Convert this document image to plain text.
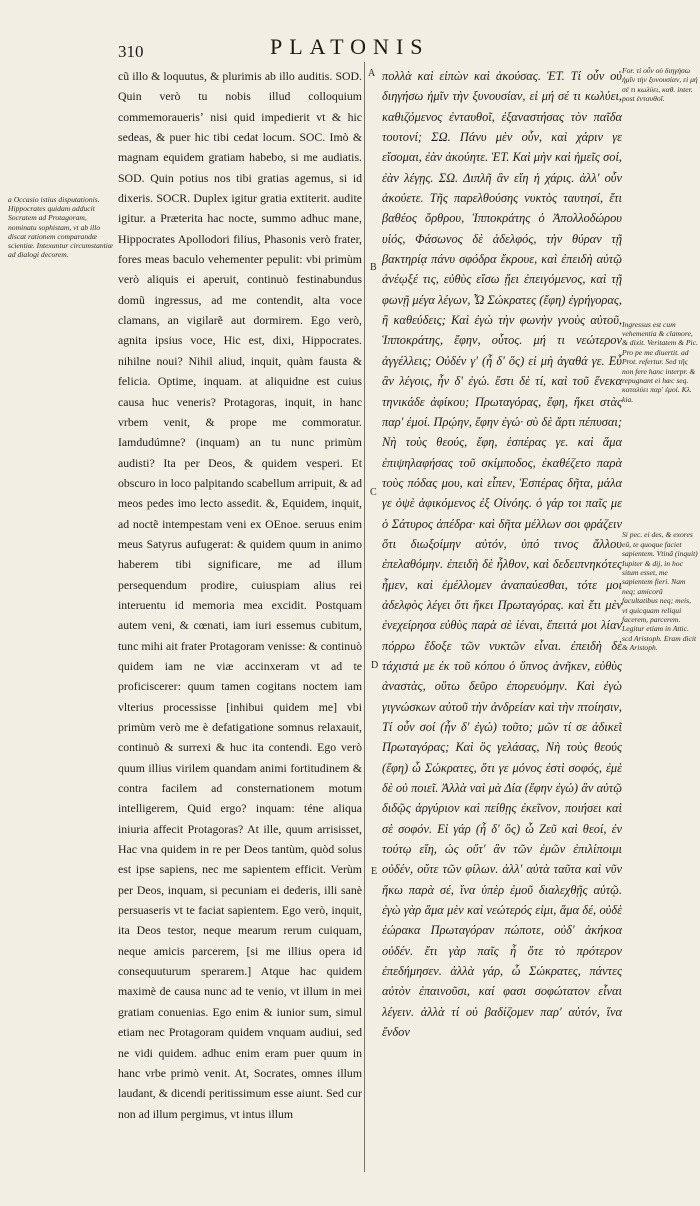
310	PLATONIS

a Occasio istius disputationis. Hippocrates quidam adducit Socratem ad Protagoram, nominatu sophistam, vt ab illo discat rationem comparandæ scientiæ. Intexuntur circumstantiæ ad dialogi decorem.

cũ illo & loquutus, & plurimis ab illo auditis. SOD. Quin verò tu nobis illud colloquium commemorauerisʼ nisi quid impedierit vt & hic sedeas, & puer hic tibi cedat locum. SOC. Imò & magnam equidem gratiam habebo, si me audiatis. SOD. Quin potius nos tibi gratias agemus, si id dixeris. SOCR. Duplex igitur gratia extiterit. audite igitur. a Præterita hac nocte, summo adhuc mane, Hippocrates Apollodori filius, Phasonis verò frater, fores meas baculo vehementer pepulit: vbi primùm verò aliquis ei aperuit, continuò festinabundus domũ ingressus, ad me contendit, alta voce clamans, an vigilarẽ aut dormirem. Ego verò, agnita ipsius voce, Hic est, dixi, Hippocrates. nihilne noui? Nihil aliud, inquit, quàm fausta & felicia. Optime, inquam. at aliquidne est cuius causa huc veneris? Protagoras, inquit, in hanc vrbem venit, & prope me commoratur. Iamdudúmne? (inquam) an tu nunc primùm audisti? Ita per Deos, & quidem vesperi. Et obscuro in loco palpitando scabellum arripuit, & ad meos pedes imo lecto assedit. &, Equidem, inquit, ad noctẽ intempestam veni ex OEnoe. seruus enim meus Satyrus aufugerat: & quidem quum in animo haberem tibi significare, me ad illum persequendum prodire, cuiuspiam alius rei interuentu id memoria mea excidit. Postquam autem veni, & cœnati, iam iuri essemus cubitum, tunc mihi ait frater Protagoram venisse: & continuò quidem iam ne viæ accinxeram vt ad te proficiscerer: quum tamen cogitans noctem iam vlterius processisse [inhibui quidem me] vbi primùm verò me è defatigatione somnus relaxauit, continuò & surrexi & huc ita contendi. Ego verò quum illius virilem quandam animi fortitudinem & contra facilem ad consternationem motum intelligerem, Quid ergo? inquam: téne aliqua iniuria affecit Protagoras? At ille, quum arrisisset, Hac vna quidem in re per Deos tantùm, quòd solus est ipse sapiens, nec me sapientem efficit. Verùm per Deos, inquam, si pecuniam ei dederis, illi sanè persuaseris vt te faciat sapientem. Ego verò, inquit, ita Deos testor, neque mearum rerum cuiquam, neque amicis parcerem, [si me illius opera id consequuturum sperarem.] Atque hac quidem maximè de causa nunc ad te venio, vt illum in mei gratiam conuenias. Ego enim & iunior sum, simul etiam nec Protagoram quidem vnquam audiui, sed ne vidi quidem. adhuc enim eram puer quum in hanc vrbe primò venit. At, Socrates, omnes illum laudant, & dicendi peritissimum esse aiunt. Sed cur non ad illum pergimus, vt intus illum

A
B
C
D
E

πολλὰ καὶ εἰπὼν καὶ ἀκούσας. ἙΤ. Τί οὖν οὐ διηγήσω ἡμῖν τὴν ξυνουσίαν, εἰ μή σέ τι κωλύει, καθιζόμενος ἐνταυθοῖ, ἐξαναστήσας τὸν παῖδα τουτονί; ΣΩ. Πάνυ μὲν οὖν, καὶ χάριν γε εἴσομαι, ἐὰν ἀκούητε. ἙΤ. Καὶ μὴν καὶ ἡμεῖς σοί, ἐὰν λέγῃς. ΣΩ. Διπλῆ ἂν εἴη ἡ χάρις. ἀλλ' οὖν ἀκούετε. Τῆς παρελθούσης νυκτὸς ταυτησί, ἔτι βαθέος ὄρθρου, Ἱπποκράτης ὁ Ἀπολλοδώρου υἱός, Φάσωνος δὲ ἀδελφός, τὴν θύραν τῇ βακτηρίᾳ πάνυ σφόδρα ἔκρουε, καὶ ἐπειδὴ αὐτῷ ἀνέῳξέ τις, εὐθὺς εἴσω ᾔει ἐπειγόμενος, καὶ τῇ φωνῇ μέγα λέγων, Ὦ Σώκρατες (ἔφη) ἐγρήγορας, ἢ καθεύδεις; Καὶ ἐγὼ τὴν φωνὴν γνοὺς αὐτοῦ, Ἱπποκράτης, ἔφην, οὗτος. μή τι νεώτερον ἀγγέλλεις; Οὐδέν γ' (ἦ δ' ὅς) εἰ μὴ ἀγαθά γε. Εὖ ἂν λέγοις, ἦν δ' ἐγώ. ἔστι δὲ τί, καὶ τοῦ ἕνεκα τηνικάδε ἀφίκου; Πρωταγόρας, ἔφη, ἥκει στὰς παρ' ἐμοί. Πρῴην, ἔφην ἐγώ· σὺ δὲ ἄρτι πέπυσαι; Νὴ τοὺς θεούς, ἔφη, ἑσπέρας γε. καὶ ἅμα ἐπιψηλαφήσας τοῦ σκίμποδος, ἐκαθέζετο παρὰ τοὺς πόδας μου, καὶ εἶπεν, Ἑσπέρας δῆτα, μάλα γε ὀψὲ ἀφικόμενος ἐξ Οἰνόης. ὁ γάρ τοι παῖς με ὁ Σάτυρος ἀπέδρα· καὶ δῆτα μέλλων σοι φράζειν ὅτι διωξοίμην αὐτόν, ὑπό τινος ἄλλου ἐπελαθόμην. ἐπειδὴ δὲ ἦλθον, καὶ δεδειπνηκότες ἦμεν, καὶ ἐμέλλομεν ἀναπαύεσθαι, τότε μοι ἀδελφὸς λέγει ὅτι ἥκει Πρωταγόρας. καὶ ἔτι μὲν ἐνεχείρησα εὐθὺς παρὰ σὲ ἰέναι, ἔπειτά μοι λίαν πόρρω ἔδοξε τῶν νυκτῶν εἶναι. ἐπειδὴ δὲ τάχιστά με ἐκ τοῦ κόπου ὁ ὕπνος ἀνῆκεν, εὐθὺς ἀναστὰς, οὕτω δεῦρο ἐπορευόμην. Καὶ ἐγὼ γιγνώσκων αὐτοῦ τὴν ἀνδρείαν καὶ τὴν πτοίησιν, Τί οὖν σοί (ἦν δ' ἐγώ) τοῦτο; μῶν τί σε ἀδικεῖ Πρωταγόρας; Καὶ ὃς γελάσας, Νὴ τοὺς θεούς (ἔφη) ὦ Σώκρατες, ὅτι γε μόνος ἐστὶ σοφός, ἐμὲ δὲ οὐ ποιεῖ. Ἀλλὰ ναὶ μὰ Δία (ἔφην ἐγώ) ἂν αὐτῷ διδῷς ἀργύριον καὶ πείθῃς ἐκεῖνον, ποιήσει καὶ σὲ σοφόν. Εἰ γάρ (ἦ δ' ὅς) ὦ Ζεῦ καὶ θεοί, ἐν τούτῳ εἴη, ὡς οὔτ' ἂν τῶν ἐμῶν ἐπιλίποιμι οὐδέν, οὔτε τῶν φίλων. ἀλλ' αὐτὰ ταῦτα καὶ νῦν ἥκω παρὰ σέ, ἵνα ὑπὲρ ἐμοῦ διαλεχθῇς αὐτῷ. ἐγὼ γὰρ ἅμα μὲν καὶ νεώτερός εἰμι, ἅμα δέ, οὐδὲ ἑώρακα Πρωταγόραν πώποτε, οὐδ' ἀκήκοα οὐδέν. ἔτι γὰρ παῖς ἦ ὅτε τὸ πρότερον ἐπεδήμησεν. ἀλλὰ γάρ, ὦ Σώκρατες, πάντες αὐτὸν ἐπαινοῦσι, καί φασι σοφώτατον εἶναι λέγειν. ἀλλὰ τί οὐ βαδίζομεν παρ' αὐτόν, ἵνα ἔνδον

For. τί οὖν οὐ διηγήσω ἡμῖν τὴν ξυνουσίαν, εἰ μή σέ τι κωλύει, καθ. inter. post ἐνταυθοῖ.

Ingressus est cum vehementia & clamore, & dixit. Veritatem & Pic. Pro pe me diuertit. ad Prot. refertur. Sed τῆς non fere hanc interpr. & repugnant ei hæc seq. καταλύει παρ' ἐμοί. Κλ. kia.

Si pec. ei des, & exores eũ, te quoque faciet sapientem. Vtinã (inquit) Iupiter & dij, in hoc situm esset, me sapientem fieri. Nam neq; amicorũ facultatibus neq; meis, vt quicquam reliqui facerem, parcerem. Legitur etiam in Attic. scd Aristoph. Eram dicit & Aristoph.
